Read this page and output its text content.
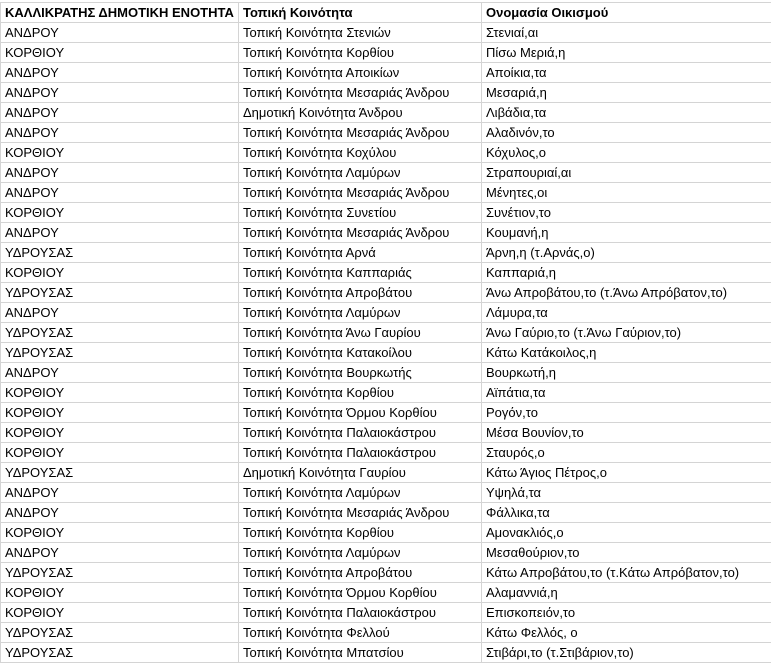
ΚΑΛΛΙΚΡΑΤΗΣ ΔΗΜΟΤΙΚΗ ΕΝΟΤΗΤΑ	Τοπική Κοινότητα	Ονομασία Οικισμού
ΑΝΔΡΟΥ	Τοπική Κοινότητα Στενιών	Στενιαί,αι
ΚΟΡΘΙΟΥ	Τοπική Κοινότητα Κορθίου	Πίσω Μεριά,η
ΑΝΔΡΟΥ	Τοπική Κοινότητα Αποικίων	Αποίκια,τα
ΑΝΔΡΟΥ	Τοπική Κοινότητα Μεσαριάς Άνδρου	Μεσαριά,η
ΑΝΔΡΟΥ	Δημοτική Κοινότητα Άνδρου	Λιβάδια,τα
ΑΝΔΡΟΥ	Τοπική Κοινότητα Μεσαριάς Άνδρου	Αλαδινόν,το
ΚΟΡΘΙΟΥ	Τοπική Κοινότητα Κοχύλου	Κόχυλος,ο
ΑΝΔΡΟΥ	Τοπική Κοινότητα Λαμύρων	Στραπουριαί,αι
ΑΝΔΡΟΥ	Τοπική Κοινότητα Μεσαριάς Άνδρου	Μένητες,οι
ΚΟΡΘΙΟΥ	Τοπική Κοινότητα Συνετίου	Συνέτιον,το
ΑΝΔΡΟΥ	Τοπική Κοινότητα Μεσαριάς Άνδρου	Κουμανή,η
ΥΔΡΟΥΣΑΣ	Τοπική Κοινότητα Αρνά	Άρνη,η (τ.Αρνάς,ο)
ΚΟΡΘΙΟΥ	Τοπική Κοινότητα Καππαριάς	Καππαριά,η
ΥΔΡΟΥΣΑΣ	Τοπική Κοινότητα Απροβάτου	Άνω Απροβάτου,το (τ.Άνω Απρόβατον,το)
ΑΝΔΡΟΥ	Τοπική Κοινότητα Λαμύρων	Λάμυρα,τα
ΥΔΡΟΥΣΑΣ	Τοπική Κοινότητα Άνω Γαυρίου	Άνω Γαύριο,το (τ.Άνω Γαύριον,το)
ΥΔΡΟΥΣΑΣ	Τοπική Κοινότητα Κατακοίλου	Κάτω Κατάκοιλος,η
ΑΝΔΡΟΥ	Τοπική Κοινότητα Βουρκωτής	Βουρκωτή,η
ΚΟΡΘΙΟΥ	Τοπική Κοινότητα Κορθίου	Αϊπάτια,τα
ΚΟΡΘΙΟΥ	Τοπική Κοινότητα Όρμου Κορθίου	Ρογόν,το
ΚΟΡΘΙΟΥ	Τοπική Κοινότητα Παλαιοκάστρου	Μέσα Βουνίον,το
ΚΟΡΘΙΟΥ	Τοπική Κοινότητα Παλαιοκάστρου	Σταυρός,ο
ΥΔΡΟΥΣΑΣ	Δημοτική Κοινότητα Γαυρίου	Κάτω Άγιος Πέτρος,ο
ΑΝΔΡΟΥ	Τοπική Κοινότητα Λαμύρων	Υψηλά,τα
ΑΝΔΡΟΥ	Τοπική Κοινότητα Μεσαριάς Άνδρου	Φάλλικα,τα
ΚΟΡΘΙΟΥ	Τοπική Κοινότητα Κορθίου	Αμονακλιός,ο
ΑΝΔΡΟΥ	Τοπική Κοινότητα Λαμύρων	Μεσαθούριον,το
ΥΔΡΟΥΣΑΣ	Τοπική Κοινότητα Απροβάτου	Κάτω Απροβάτου,το (τ.Κάτω Απρόβατον,το)
ΚΟΡΘΙΟΥ	Τοπική Κοινότητα Όρμου Κορθίου	Αλαμαννιά,η
ΚΟΡΘΙΟΥ	Τοπική Κοινότητα Παλαιοκάστρου	Επισκοπειόν,το
ΥΔΡΟΥΣΑΣ	Τοπική Κοινότητα Φελλού	Κάτω Φελλός, ο
ΥΔΡΟΥΣΑΣ	Τοπική Κοινότητα Μπατσίου	Στιβάρι,το (τ.Στιβάριον,το)
